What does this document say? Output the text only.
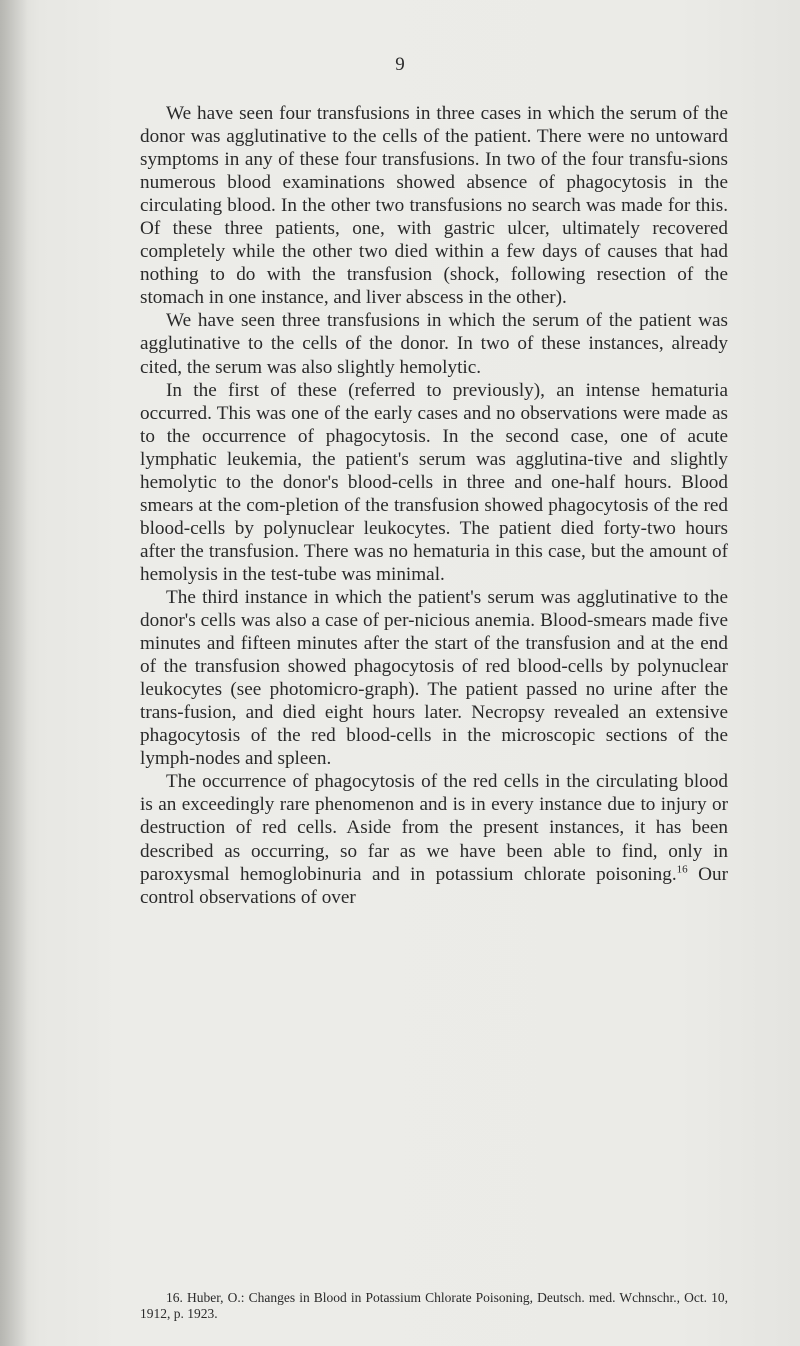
9

We have seen four transfusions in three cases in which the serum of the donor was agglutinative to the cells of the patient. There were no untoward symptoms in any of these four transfusions. In two of the four transfu-sions numerous blood examinations showed absence of phagocytosis in the circulating blood. In the other two transfusions no search was made for this. Of these three patients, one, with gastric ulcer, ultimately recovered completely while the other two died within a few days of causes that had nothing to do with the transfusion (shock, following resection of the stomach in one instance, and liver abscess in the other).

We have seen three transfusions in which the serum of the patient was agglutinative to the cells of the donor. In two of these instances, already cited, the serum was also slightly hemolytic.

In the first of these (referred to previously), an intense hematuria occurred. This was one of the early cases and no observations were made as to the occurrence of phagocytosis. In the second case, one of acute lymphatic leukemia, the patient's serum was agglutina-tive and slightly hemolytic to the donor's blood-cells in three and one-half hours. Blood smears at the com-pletion of the transfusion showed phagocytosis of the red blood-cells by polynuclear leukocytes. The patient died forty-two hours after the transfusion. There was no hematuria in this case, but the amount of hemolysis in the test-tube was minimal.

The third instance in which the patient's serum was agglutinative to the donor's cells was also a case of per-nicious anemia. Blood-smears made five minutes and fifteen minutes after the start of the transfusion and at the end of the transfusion showed phagocytosis of red blood-cells by polynuclear leukocytes (see photomicro-graph). The patient passed no urine after the trans-fusion, and died eight hours later. Necropsy revealed an extensive phagocytosis of the red blood-cells in the microscopic sections of the lymph-nodes and spleen.

The occurrence of phagocytosis of the red cells in the circulating blood is an exceedingly rare phenomenon and is in every instance due to injury or destruction of red cells. Aside from the present instances, it has been described as occurring, so far as we have been able to find, only in paroxysmal hemoglobinuria and in potassium chlorate poisoning.$^{16}$ Our control observations of over

16. Huber, O.: Changes in Blood in Potassium Chlorate Poisoning, Deutsch. med. Wchnschr., Oct. 10, 1912, p. 1923.
